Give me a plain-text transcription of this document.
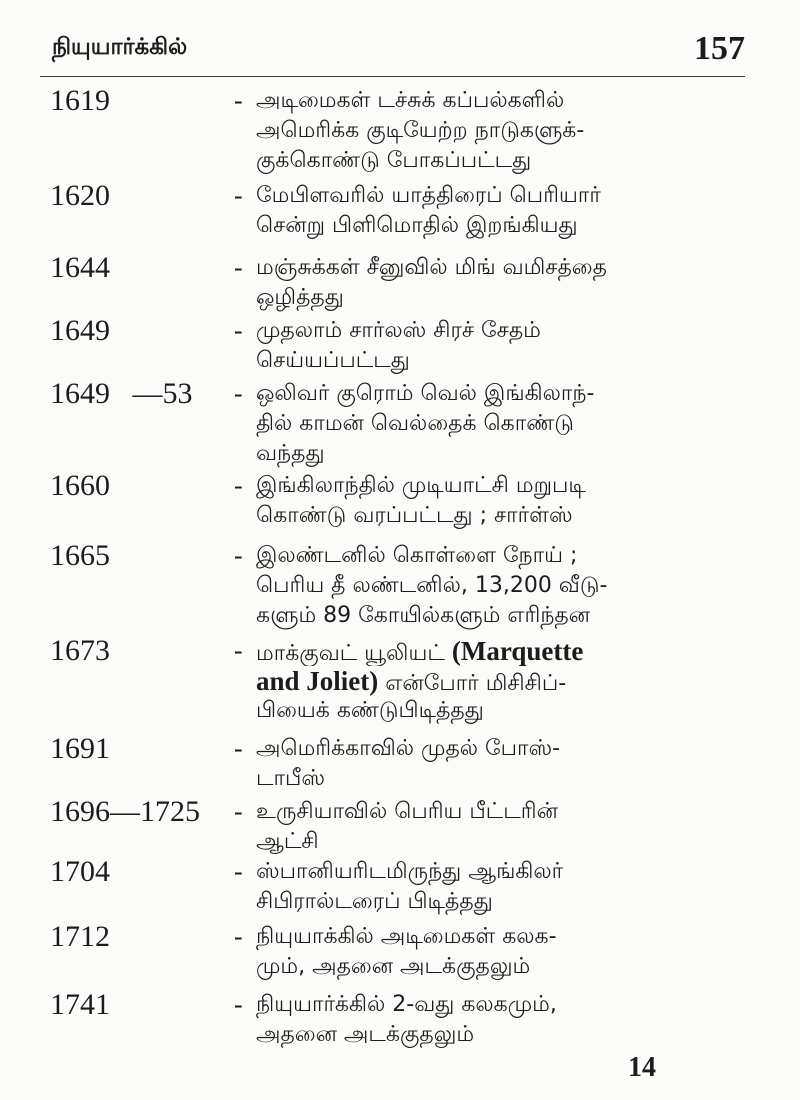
நியுயார்க்கில்	157
1619	- அடிமைகள் டச்சுக் கப்பல்களில்
அமெரிக்க குடியேற்ற நாடுகளுக்-
குக்கொண்டு போகப்பட்டது
1620	- மேபிளவரில் யாத்திரைப் பெரியார்
சென்று பிளிமொதில் இறங்கியது
1644	- மஞ்சுக்கள் சீனுவில் மிங் வமிசத்தை
ஒழித்தது
1649	- முதலாம் சார்லஸ் சிரச் சேதம்
செய்யப்பட்டது
1649   —53 - ஒலிவர் குரொம் வெல் இங்கிலாந்-
தில் காமன் வெல்தைக் கொண்டு
வந்தது
1660	- இங்கிலாந்தில் முடியாட்சி மறுபடி
கொண்டு வரப்பட்டது ; சார்ள்ஸ்
1665	- இலண்டனில் கொள்ளை நோய் ;
பெரிய தீ லண்டனில், 13,200 வீடு-
களும் 89 கோயில்களும் எரிந்தன
1673	- மாக்குவட் யூலியட் (Marquette
and Joliet) என்போர் மிசிசிப்-
பியைக் கண்டுபிடித்தது
1691	- அமெரிக்காவில் முதல் போஸ்-
டாபீஸ்
1696—1725 - உருசியாவில் பெரிய பீட்டரின்
ஆட்சி
1704	- ஸ்பானியரிடமிருந்து ஆங்கிலர்
சிபிரால்டரைப் பிடித்தது
1712	- நியுயாக்கில் அடிமைகள் கலக-
மும், அதனை அடக்குதலும்
1741	- நியுயார்க்கில் 2-வது கலகமும்,
அதனை அடக்குதலும்
14
